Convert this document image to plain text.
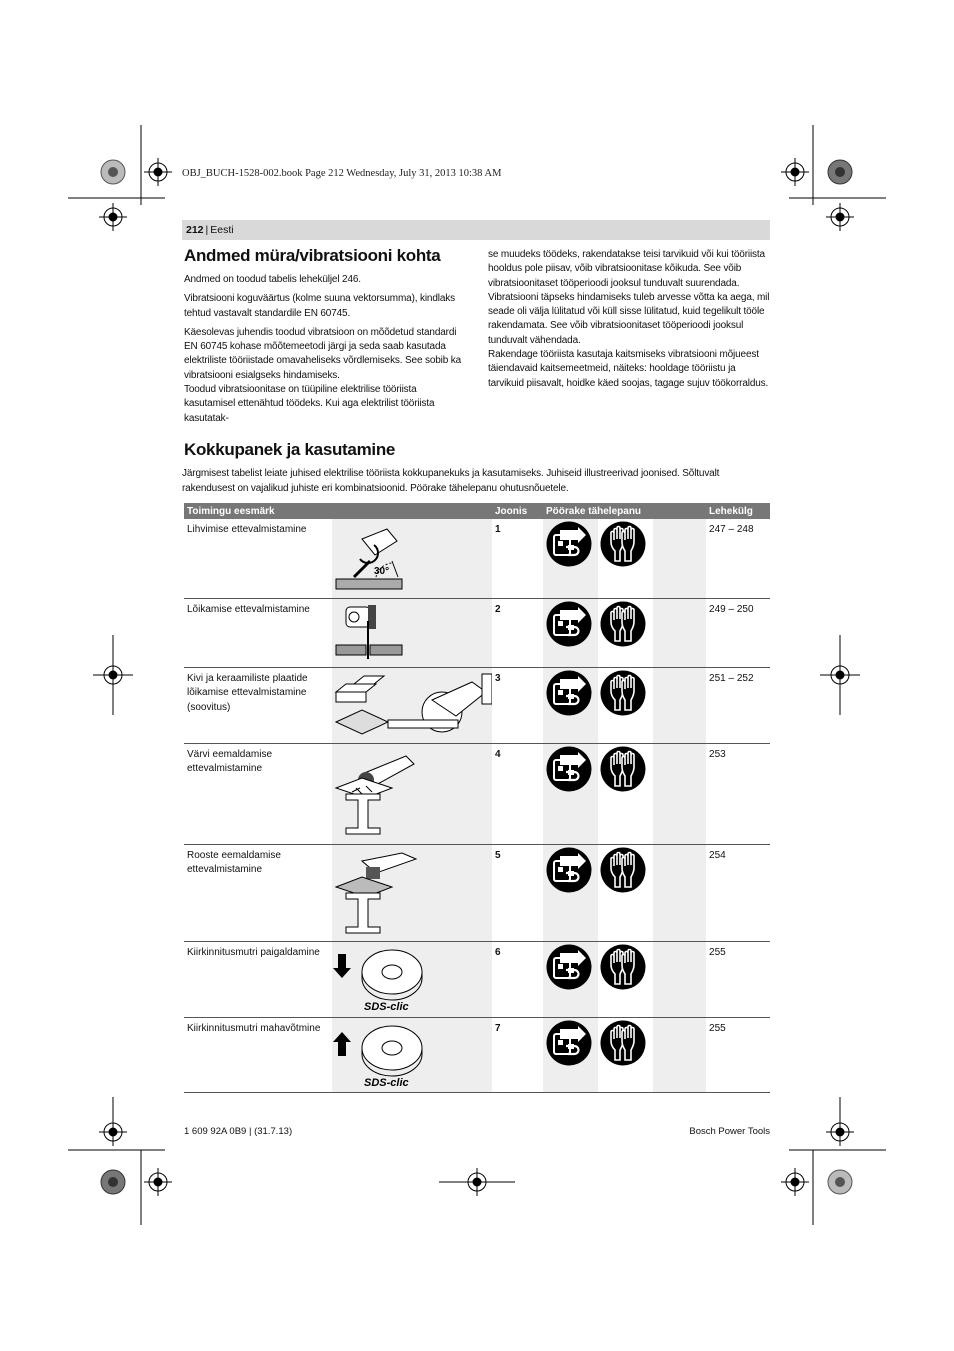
OBJ_BUCH-1528-002.book Page 212 Wednesday, July 31, 2013 10:38 AM
212 | Eesti
Andmed müra/vibratsiooni kohta

Andmed on toodud tabelis leheküljel 246.

Vibratsiooni koguväärtus (kolme suuna vektorsumma), kindlaks tehtud vastavalt standardile EN 60745.

Käesolevas juhendis toodud vibratsioon on mõõdetud standardi EN 60745 kohase mõõtemeetodi järgi ja seda saab kasutada elektriliste tööriistade omavaheliseks võrdlemiseks. See sobib ka vibratsiooni esialgseks hindamiseks.

Toodud vibratsioonitase on tüüpiline elektrilise tööriista kasutamisel ettenähtud töödeks. Kui aga elektrilist tööriista kasutatak-

se muudeks töödeks, rakendatakse teisi tarvikuid või kui tööriista hooldus pole piisav, võib vibratsioonitase kõikuda. See võib vibratsioonitaset tööperioodi jooksul tunduvalt suurendada.

Vibratsiooni täpseks hindamiseks tuleb arvesse võtta ka aega, mil seade oli välja lülitatud või küll sisse lülitatud, kuid tegelikult tööle rakendamata. See võib vibratsioonitaset tööperioodi jooksul tunduvalt vähendada.

Rakendage tööriista kasutaja kaitsmiseks vibratsiooni mõjueest täiendavaid kaitsemeetmeid, näiteks: hooldage tööriistu ja tarvikuid piisavalt, hoidke käed soojas, tagage sujuv töökorraldus.

Kokkupanek ja kasutamine
Järgmisest tabelist leiate juhised elektrilise tööriista kokkupanekuks ja kasutamiseks. Juhiseid illustreerivad joonised. Sõltuvalt rakendusest on vajalikud juhiste eri kombinatsioonid. Pöörake tähelepanu ohutusnõuetele.
Toimingu eesmärk		Joonis	Pöörake tähelepanu			Lehekülg
Lihvimise ettevalmistamine	30°	1				247 – 248
Lõikamise ettevalmistamine		2				249 – 250
Kivi ja keraamiliste plaatide lõikamise ettevalmistamine (soovitus)		3				251 – 252
Värvi eemaldamise ettevalmistamine		4				253
Rooste eemaldamise ettevalmistamine		5				254
Kiirkinnitusmutri paigaldamine	SDS-clic	6				255
Kiirkinnitusmutri mahavõtmine	SDS-clic	7				255
1 609 92A 0B9 | (31.7.13)	Bosch Power Tools
